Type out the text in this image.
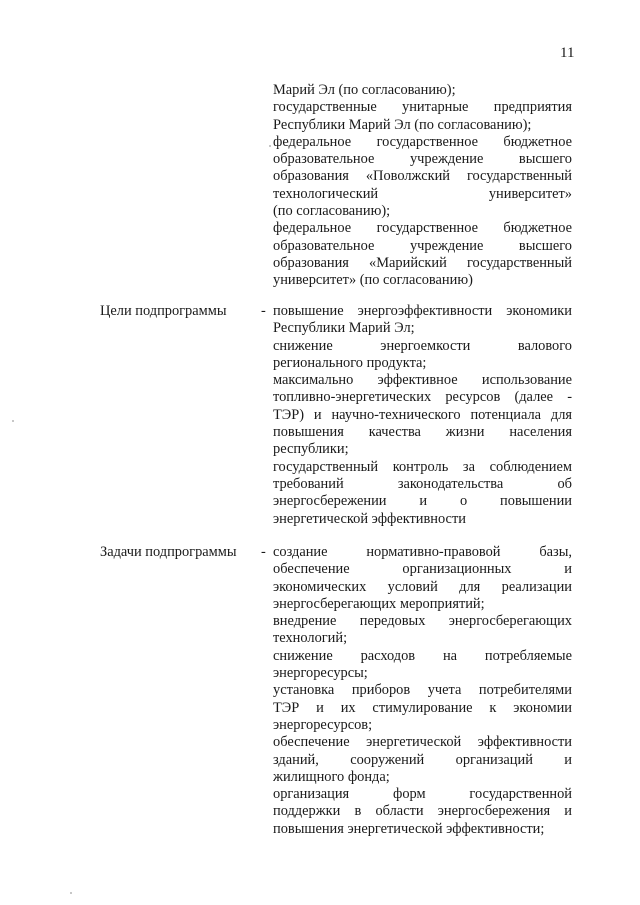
11
Марий Эл (по согласованию);
государственные унитарные предприятия
Республики Марий Эл (по согласованию);
федеральное государственное бюджетное
образовательное учреждение высшего
образования «Поволжский государственный
технологический университет»
(по согласованию);
федеральное государственное бюджетное
образовательное учреждение высшего
образования «Марийский государственный
университет» (по согласованию)
Цели подпрограммы - повышение энергоэффективности экономики
Республики Марий Эл;
снижение энергоемкости валового
регионального продукта;
максимально эффективное использование
топливно-энергетических ресурсов (далее -
ТЭР) и научно-технического потенциала для
повышения качества жизни населения
республики;
государственный контроль за соблюдением
требований законодательства об
энергосбережении и о повышении
энергетической эффективности
Задачи подпрограммы - создание нормативно-правовой базы,
обеспечение организационных и
экономических условий для реализации
энергосберегающих мероприятий;
внедрение передовых энергосберегающих
технологий;
снижение расходов на потребляемые
энергоресурсы;
установка приборов учета потребителями
ТЭР и их стимулирование к экономии
энергоресурсов;
обеспечение энергетической эффективности
зданий, сооружений организаций и
жилищного фонда;
организация форм государственной
поддержки в области энергосбережения и
повышения энергетической эффективности;
